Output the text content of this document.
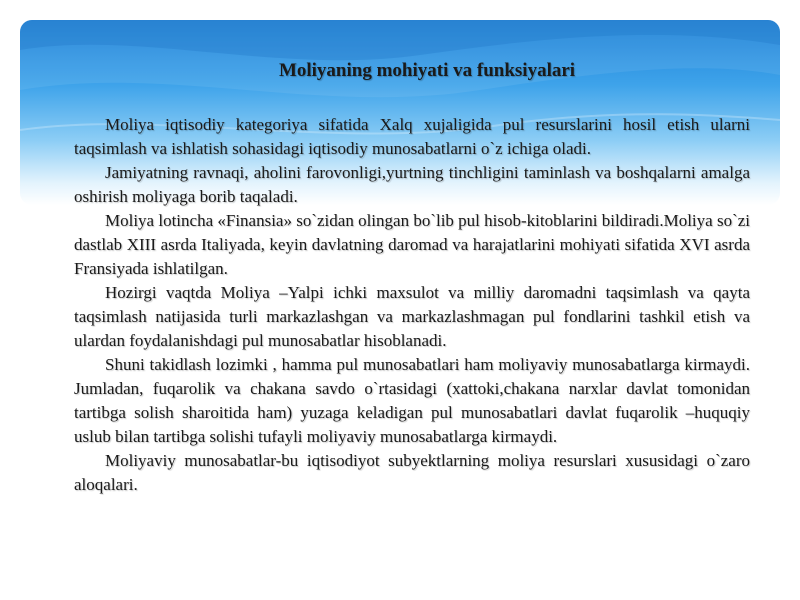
Moliyaning mohiyati va funksiyalari

Moliya iqtisodiy kategoriya sifatida Xalq xujaligida pul resurslarini hosil etish ularni taqsimlash va ishlatish sohasidagi iqtisodiy munosabatlarni o`z ichiga oladi.

Jamiyatning ravnaqi, aholini farovonligi,yurtning tinchligini taminlash va boshqalarni amalga oshirish moliyaga borib taqaladi.

Moliya lotincha «Finansia» so`zidan olingan bo`lib pul hisob-kitoblarini bildiradi.Moliya so`zi dastlab XIII asrda Italiyada, keyin davlatning daromad va harajatlarini mohiyati sifatida XVI asrda Fransiyada ishlatilgan.

Hozirgi vaqtda Moliya –Yalpi ichki maxsulot va milliy daromadni taqsimlash va qayta taqsimlash natijasida turli markazlashgan va markazlashmagan pul fondlarini tashkil etish va ulardan foydalanishdagi pul munosabatlar hisoblanadi.

Shuni takidlash lozimki , hamma pul munosabatlari ham moliyaviy munosabatlarga kirmaydi. Jumladan, fuqarolik va chakana savdo o`rtasidagi (xattoki,chakana narxlar davlat tomonidan tartibga solish sharoitida ham) yuzaga keladigan pul munosabatlari davlat fuqarolik –huquqiy uslub bilan tartibga solishi tufayli moliyaviy munosabatlarga kirmaydi.

Moliyaviy munosabatlar-bu iqtisodiyot subyektlarning moliya resurslari xususidagi o`zaro aloqalari.
